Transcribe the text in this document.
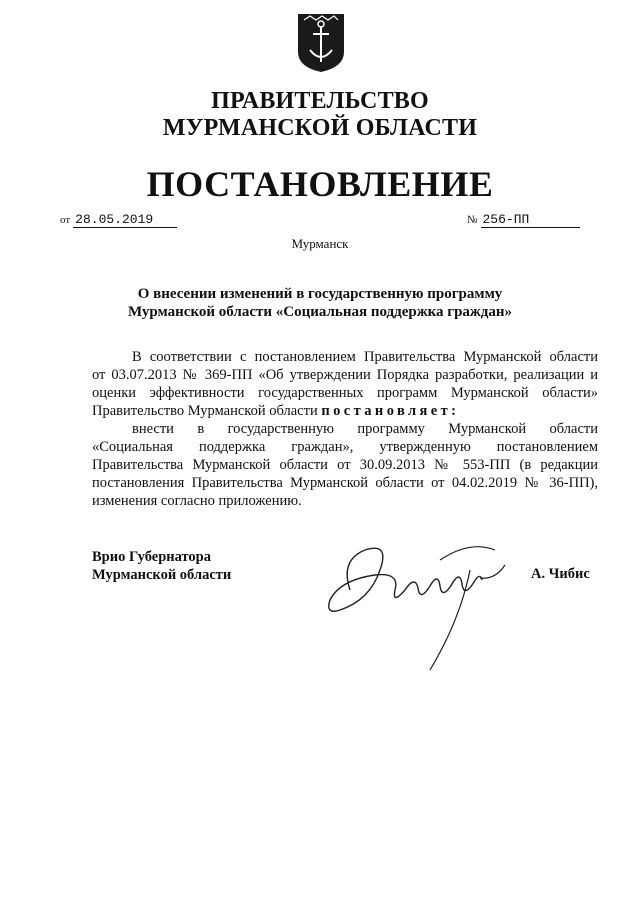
ПРАВИТЕЛЬСТВО
МУРМАНСКОЙ ОБЛАСТИ
ПОСТАНОВЛЕНИЕ
от 28.05.2019	№ 256-ПП
Мурманск
О внесении изменений в государственную программу
Мурманской области «Социальная поддержка граждан»

В соответствии с постановлением Правительства Мурманской области

от 03.07.2013 № 369-ПП «Об утверждении Порядка разработки, реализации и

оценки эффективности государственных программ Мурманской области»

Правительство Мурманской области постановляет:

внести в государственную программу Мурманской области

«Социальная поддержка граждан», утвержденную постановлением

Правительства Мурманской области от 30.09.2013 № 553-ПП (в редакции

постановления Правительства Мурманской области от 04.02.2019 № 36-ПП),

изменения согласно приложению.

Врио Губернатора
Мурманской области	А. Чибис
